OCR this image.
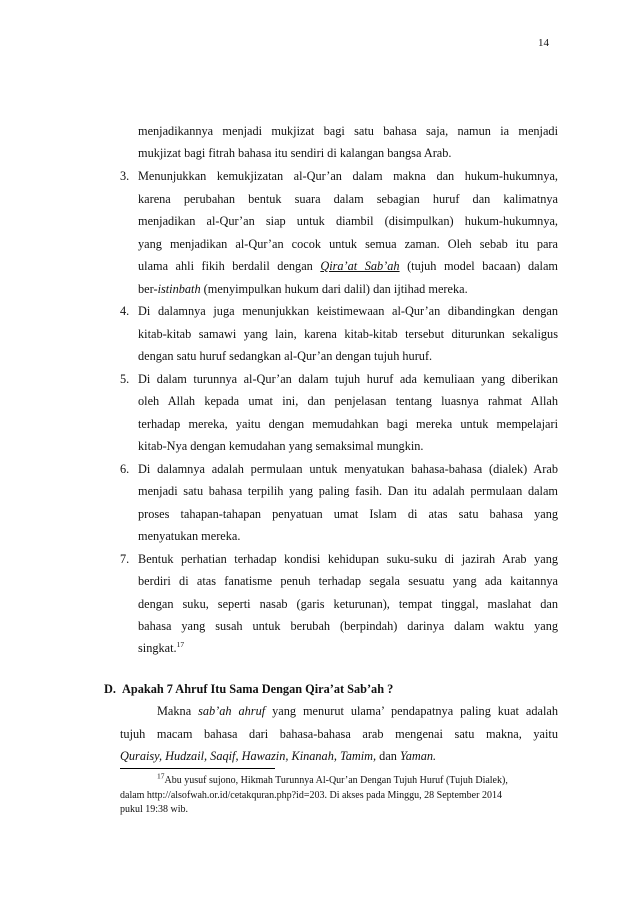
14
menjadikannya menjadi mukjizat bagi satu bahasa saja, namun ia menjadi
mukjizat bagi fitrah bahasa itu sendiri di kalangan bangsa Arab.
3. Menunjukkan kemukjizatan al-Qur’an dalam makna dan hukum-hukumnya,
karena perubahan bentuk suara dalam sebagian huruf dan kalimatnya
menjadikan al-Qur’an siap untuk diambil (disimpulkan) hukum-hukumnya,
yang menjadikan al-Qur’an cocok untuk semua zaman. Oleh sebab itu para
ulama ahli fikih berdalil dengan Qira’at Sab’ah (tujuh model bacaan) dalam
ber-istinbath (menyimpulkan hukum dari dalil) dan ijtihad mereka.
4. Di dalamnya juga menunjukkan keistimewaan al-Qur’an dibandingkan dengan
kitab-kitab samawi yang lain, karena kitab-kitab tersebut diturunkan sekaligus
dengan satu huruf sedangkan al-Qur’an dengan tujuh huruf.
5. Di dalam turunnya al-Qur’an dalam tujuh huruf ada kemuliaan yang diberikan
oleh Allah kepada umat ini, dan penjelasan tentang luasnya rahmat Allah
terhadap mereka, yaitu dengan memudahkan bagi mereka untuk mempelajari
kitab-Nya dengan kemudahan yang semaksimal mungkin.
6. Di dalamnya adalah permulaan untuk menyatukan bahasa-bahasa (dialek) Arab
menjadi satu bahasa terpilih yang paling fasih. Dan itu adalah permulaan dalam
proses tahapan-tahapan penyatuan umat Islam di atas satu bahasa yang
menyatukan mereka.
7. Bentuk perhatian terhadap kondisi kehidupan suku-suku di jazirah Arab yang
berdiri di atas fanatisme penuh terhadap segala sesuatu yang ada kaitannya
dengan suku, seperti nasab (garis keturunan), tempat tinggal, maslahat dan
bahasa yang susah untuk berubah (berpindah) darinya dalam waktu yang
singkat.$^{17}$
D. Apakah 7 Ahruf Itu Sama Dengan Qira’at Sab’ah ?
Makna sab’ah ahruf yang menurut ulama’ pendapatnya paling kuat adalah
tujuh macam bahasa dari bahasa-bahasa arab mengenai satu makna, yaitu
Quraisy, Hudzail, Saqif, Hawazin, Kinanah, Tamim, dan Yaman.
$^{17}$Abu yusuf sujono, Hikmah Turunnya Al-Qur’an Dengan Tujuh Huruf (Tujuh Dialek),
dalam http://alsofwah.or.id/cetakquran.php?id=203. Di akses pada Minggu, 28 September 2014
pukul 19:38 wib.
